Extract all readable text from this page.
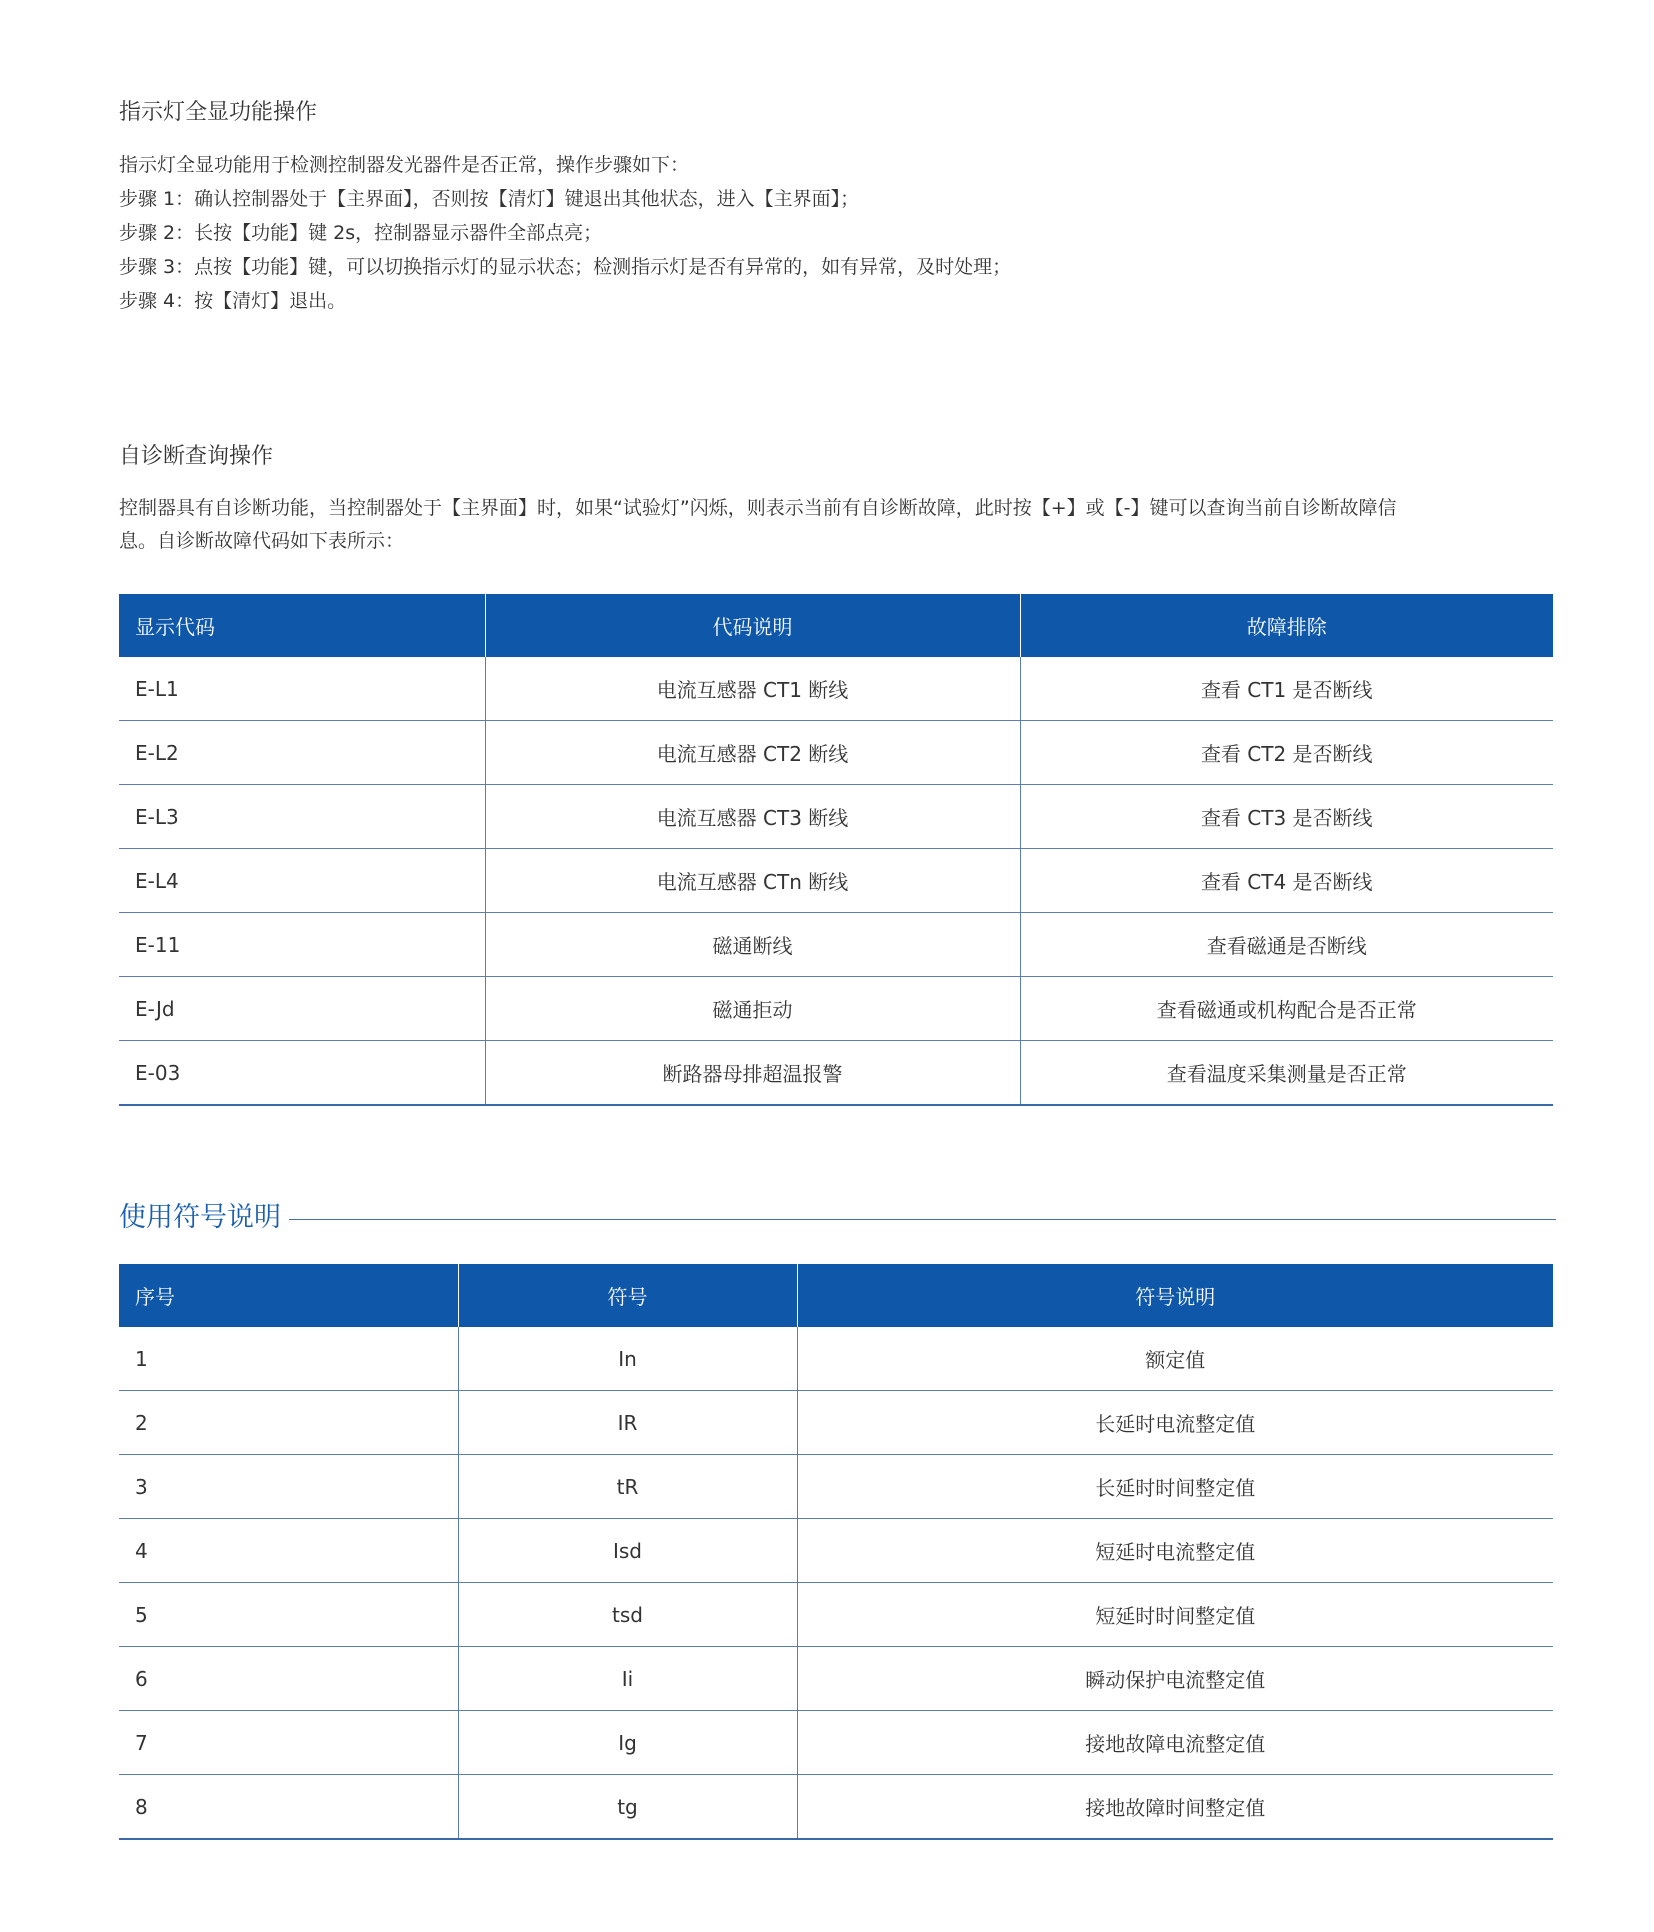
指示灯全显功能操作
指示灯全显功能用于检测控制器发光器件是否正常，操作步骤如下：
步骤 1：确认控制器处于【主界面】，否则按【清灯】键退出其他状态，进入【主界面】；
步骤 2：长按【功能】键 2s，控制器显示器件全部点亮；
步骤 3：点按【功能】键，可以切换指示灯的显示状态；检测指示灯是否有异常的，如有异常，及时处理；
步骤 4：按【清灯】退出。
自诊断查询操作
控制器具有自诊断功能，当控制器处于【主界面】时，如果“试验灯”闪烁，则表示当前有自诊断故障，此时按【+】或【-】键可以查询当前自诊断故障信
息。自诊断故障代码如下表所示：
显示代码	代码说明	故障排除
E-L1	电流互感器 CT1 断线	查看 CT1 是否断线
E-L2	电流互感器 CT2 断线	查看 CT2 是否断线
E-L3	电流互感器 CT3 断线	查看 CT3 是否断线
E-L4	电流互感器 CTn 断线	查看 CT4 是否断线
E-11	磁通断线	查看磁通是否断线
E-Jd	磁通拒动	查看磁通或机构配合是否正常
E-03	断路器母排超温报警	查看温度采集测量是否正常
使用符号说明
序号	符号	符号说明
1	In	额定值
2	IR	长延时电流整定值
3	tR	长延时时间整定值
4	Isd	短延时电流整定值
5	tsd	短延时时间整定值
6	Ii	瞬动保护电流整定值
7	Ig	接地故障电流整定值
8	tg	接地故障时间整定值
